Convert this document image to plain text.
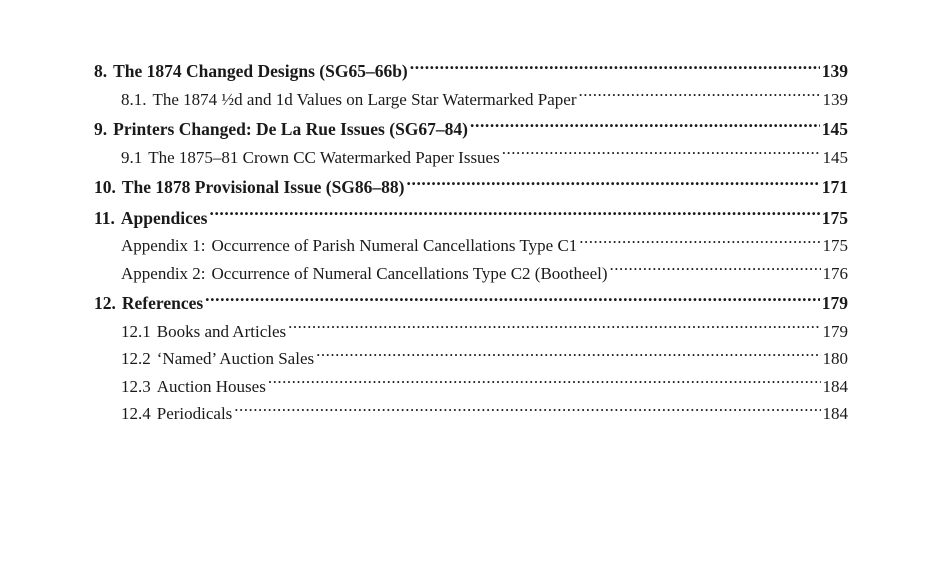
8. The 1874 Changed Designs (SG65–66b) .....	139
8.1. The 1874 ½d and 1d Values on Large Star Watermarked Paper .....	139
9. Printers Changed: De La Rue Issues (SG67–84) .....	145
9.1 The 1875–81 Crown CC Watermarked Paper Issues .....	145
10. The 1878 Provisional Issue (SG86–88) .....	171
11. Appendices .....	175
Appendix 1: Occurrence of Parish Numeral Cancellations Type C1 .....	175
Appendix 2: Occurrence of Numeral Cancellations Type C2 (Bootheel) .....	176
12. References .....	179
12.1 Books and Articles .....	179
12.2 ‘Named’ Auction Sales .....	180
12.3 Auction Houses .....	184
12.4 Periodicals .....	184
